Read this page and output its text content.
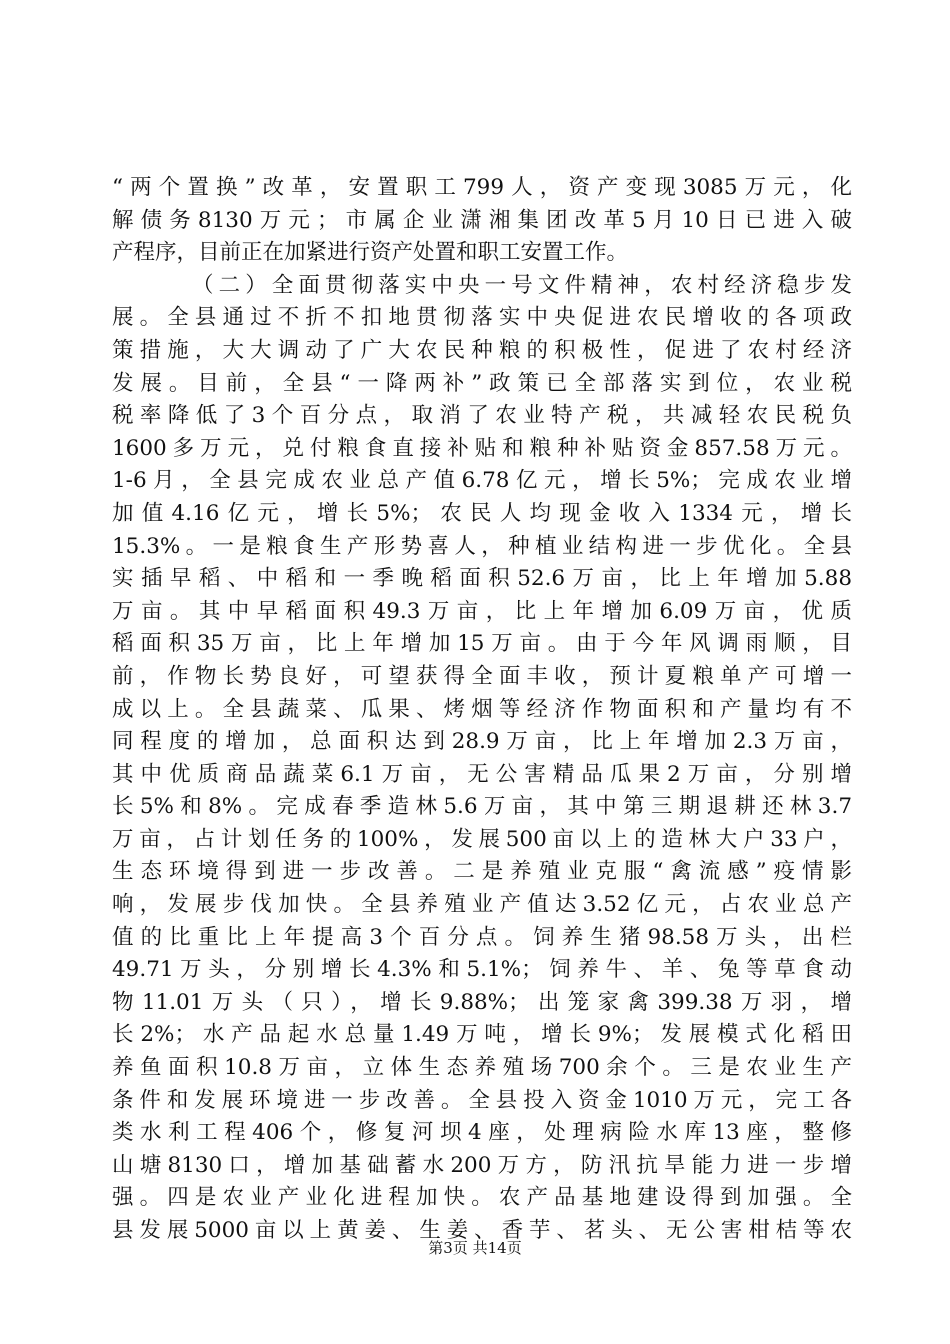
“两个置换”改革，安置职工799人，资产变现3085万元，化
解债务8130万元；市属企业潇湘集团改革5月10日已进入破
产程序，目前正在加紧进行资产处置和职工安置工作。
（二）全面贯彻落实中央一号文件精神，农村经济稳步发
展。全县通过不折不扣地贯彻落实中央促进农民增收的各项政
策措施，大大调动了广大农民种粮的积极性，促进了农村经济
发展。目前，全县“一降两补”政策已全部落实到位，农业税
税率降低了3个百分点，取消了农业特产税，共减轻农民税负
1600多万元，兑付粮食直接补贴和粮种补贴资金857.58万元。
1-6月，全县完成农业总产值6.78亿元，增长5%；完成农业增
加值4.16亿元，增长5%；农民人均现金收入1334元，增长
15.3%。一是粮食生产形势喜人，种植业结构进一步优化。全县
实插早稻、中稻和一季晚稻面积52.6万亩，比上年增加5.88
万亩。其中早稻面积49.3万亩，比上年增加6.09万亩，优质
稻面积35万亩，比上年增加15万亩。由于今年风调雨顺，目
前，作物长势良好，可望获得全面丰收，预计夏粮单产可增一
成以上。全县蔬菜、瓜果、烤烟等经济作物面积和产量均有不
同程度的增加，总面积达到28.9万亩，比上年增加2.3万亩，
其中优质商品蔬菜6.1万亩，无公害精品瓜果2万亩，分别增
长5%和8%。完成春季造林5.6万亩，其中第三期退耕还林3.7
万亩，占计划任务的100%，发展500亩以上的造林大户33户，
生态环境得到进一步改善。二是养殖业克服“禽流感”疫情影
响，发展步伐加快。全县养殖业产值达3.52亿元，占农业总产
值的比重比上年提高3个百分点。饲养生猪98.58万头，出栏
49.71万头，分别增长4.3%和5.1%；饲养牛、羊、兔等草食动
物11.01万头（只），增长9.88%；出笼家禽399.38万羽，增
长2%；水产品起水总量1.49万吨，增长9%；发展模式化稻田
养鱼面积10.8万亩，立体生态养殖场700余个。三是农业生产
条件和发展环境进一步改善。全县投入资金1010万元，完工各
类水利工程406个，修复河坝4座，处理病险水库13座，整修
山塘8130口，增加基础蓄水200万方，防汛抗旱能力进一步增
强。四是农业产业化进程加快。农产品基地建设得到加强。全
县发展5000亩以上黄姜、生姜、香芋、茗头、无公害柑桔等农
第3页 共14页
